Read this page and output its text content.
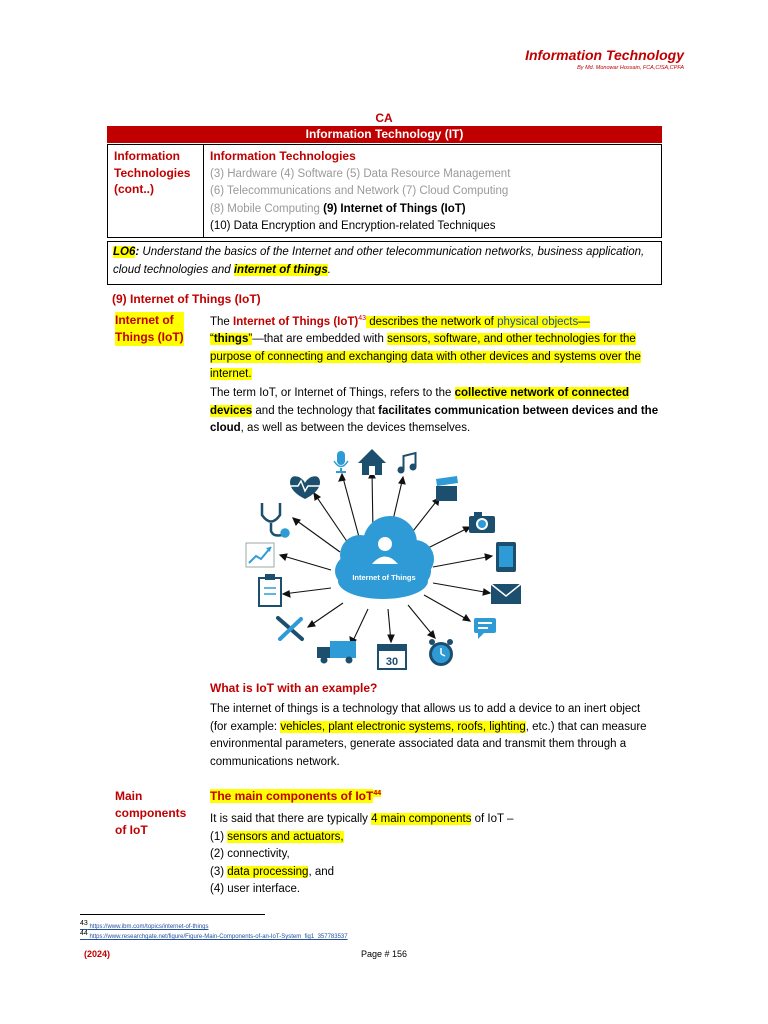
Information Technology
By Md. Monowar Hossain, FCA,CISA,CPFA
CA
Information Technology (IT)
Information
Technologies
(cont..)
Information Technologies
(3) Hardware (4) Software (5) Data Resource Management
(6) Telecommunications and Network (7) Cloud Computing
(8) Mobile Computing (9) Internet of Things (IoT)
(10) Data Encryption and Encryption-related Techniques
LO6: Understand the basics of the Internet and other telecommunication networks, business application, cloud technologies and internet of things.
(9) Internet of Things (IoT)
Internet of
Things (IoT)
The Internet of Things (IoT)$^{43}$ describes the network of physical objects—
“things”—that are embedded with sensors, software, and other technologies for the purpose of connecting and exchanging data with other devices and systems over the internet.
The term IoT, or Internet of Things, refers to the collective network of connected devices and the technology that facilitates communication between devices and the cloud, as well as between the devices themselves.
Internet of Things
30
What is IoT with an example?
The internet of things is a technology that allows us to add a device to an inert object (for example: vehicles, plant electronic systems, roofs, lighting, etc.) that can measure environmental parameters, generate associated data and transmit them through a communications network.
Main
components
of IoT
The main components of IoT$^{44}$
It is said that there are typically 4 main components of IoT –
(1) sensors and actuators,
(2) connectivity,
(3) data processing, and
(4) user interface.
$^{43}$ https://www.ibm.com/topics/internet-of-things
$^{44}$ https://www.researchgate.net/figure/Figure-Main-Components-of-an-IoT-System_fig1_357783537
(2024)	Page # 156
